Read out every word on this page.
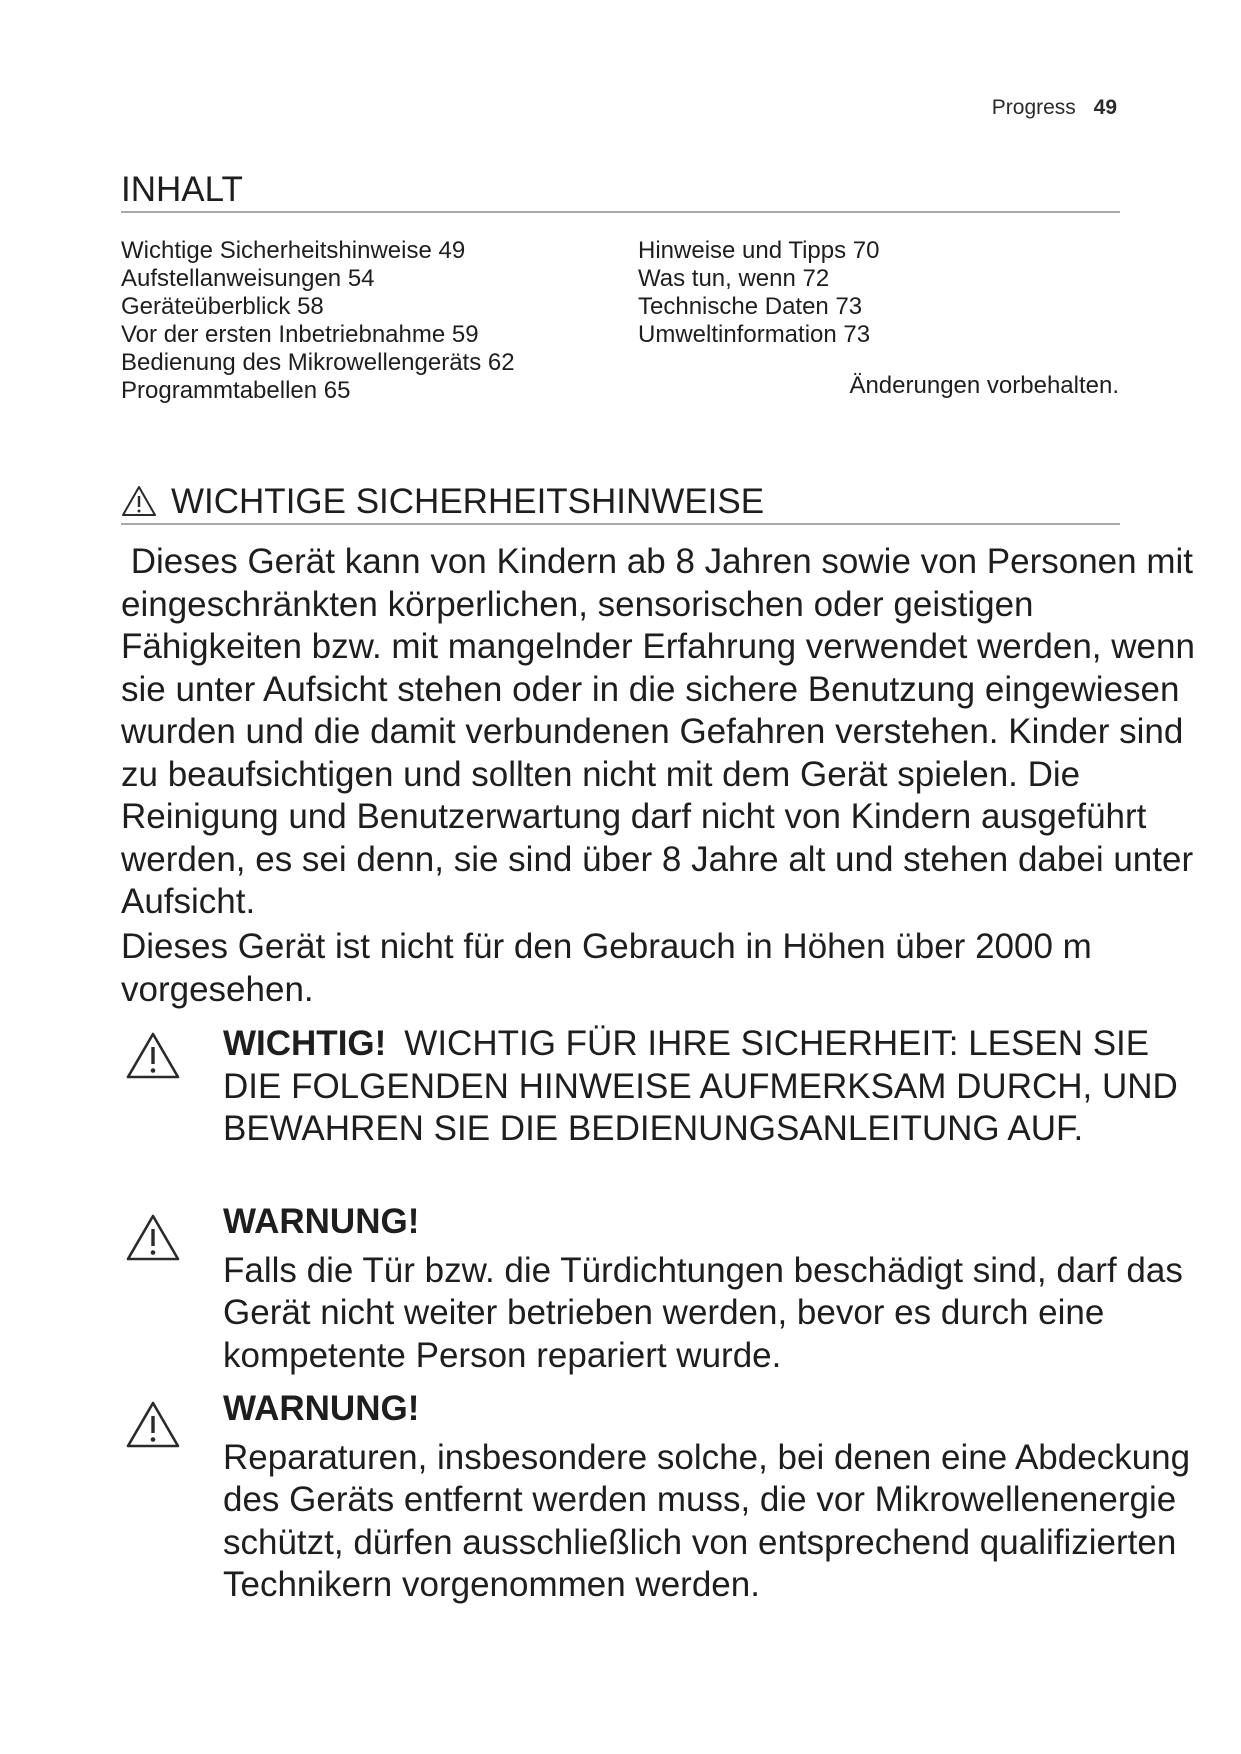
Progress 49
INHALT
Wichtige Sicherheitshinweise 49
Aufstellanweisungen 54
Geräteüberblick 58
Vor der ersten Inbetriebnahme 59
Bedienung des Mikrowellengeräts 62
Programmtabellen 65
Hinweise und Tipps 70
Was tun, wenn 72
Technische Daten 73
Umweltinformation 73
Änderungen vorbehalten.
WICHTIGE SICHERHEITSHINWEISE
Dieses Gerät kann von Kindern ab 8 Jahren sowie von Personen mit eingeschränkten körperlichen, sensorischen oder geistigen Fähigkeiten bzw. mit mangelnder Erfahrung verwendet werden, wenn sie unter Aufsicht stehen oder in die sichere Benutzung eingewiesen wurden und die damit verbundenen Gefahren verstehen. Kinder sind zu beaufsichtigen und sollten nicht mit dem Gerät spielen. Die Reinigung und Benutzerwartung darf nicht von Kindern ausgeführt werden, es sei denn, sie sind über 8 Jahre alt und stehen dabei unter Aufsicht.
Dieses Gerät ist nicht für den Gebrauch in Höhen über 2000 m vorgesehen.
WICHTIG! WICHTIG FÜR IHRE SICHERHEIT: LESEN SIE DIE FOLGENDEN HINWEISE AUFMERKSAM DURCH, UND BEWAHREN SIE DIE BEDIENUNGSANLEITUNG AUF.
WARNUNG!
Falls die Tür bzw. die Türdichtungen beschädigt sind, darf das Gerät nicht weiter betrieben werden, bevor es durch eine kompetente Person repariert wurde.
WARNUNG!
Reparaturen, insbesondere solche, bei denen eine Abdeckung des Geräts entfernt werden muss, die vor Mikrowellenenergie schützt, dürfen ausschließlich von entsprechend qualifizierten Technikern vorgenommen werden.
